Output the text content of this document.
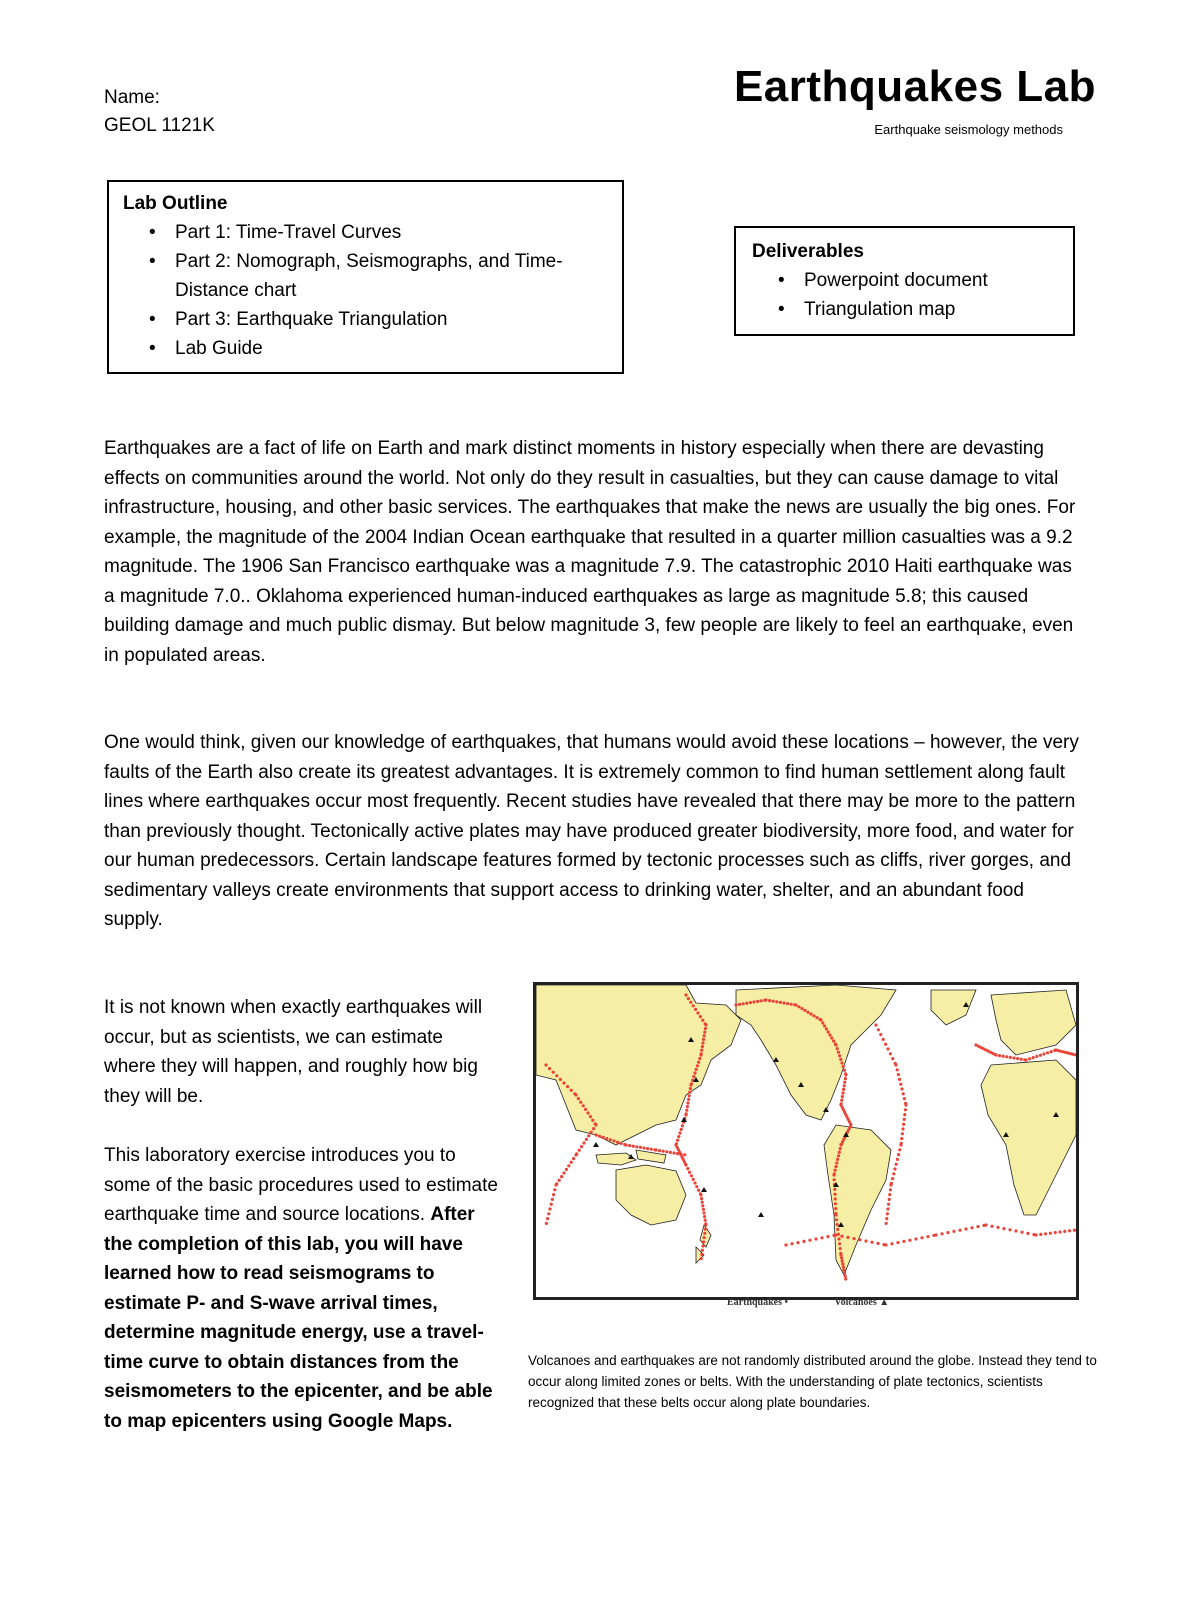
Name:
GEOL 1121K
Earthquakes Lab
Earthquake seismology methods
Lab Outline
• Part 1: Time-Travel Curves
• Part 2: Nomograph, Seismographs, and Time-Distance chart
• Part 3: Earthquake Triangulation
• Lab Guide
Deliverables
• Powerpoint document
• Triangulation map
Earthquakes are a fact of life on Earth and mark distinct moments in history especially when there are devasting effects on communities around the world. Not only do they result in casualties, but they can cause damage to vital infrastructure, housing, and other basic services. The earthquakes that make the news are usually the big ones. For example, the magnitude of the 2004 Indian Ocean earthquake that resulted in a quarter million casualties was a 9.2 magnitude. The 1906 San Francisco earthquake was a magnitude 7.9. The catastrophic 2010 Haiti earthquake was a magnitude 7.0.. Oklahoma experienced human-induced earthquakes as large as magnitude 5.8; this caused building damage and much public dismay. But below magnitude 3, few people are likely to feel an earthquake, even in populated areas.
One would think, given our knowledge of earthquakes, that humans would avoid these locations – however, the very faults of the Earth also create its greatest advantages. It is extremely common to find human settlement along fault lines where earthquakes occur most frequently. Recent studies have revealed that there may be more to the pattern than previously thought. Tectonically active plates may have produced greater biodiversity, more food, and water for our human predecessors. Certain landscape features formed by tectonic processes such as cliffs, river gorges, and sedimentary valleys create environments that support access to drinking water, shelter, and an abundant food supply.

It is not known when exactly earthquakes will occur, but as scientists, we can estimate where they will happen, and roughly how big they will be.

This laboratory exercise introduces you to some of the basic procedures used to estimate earthquake time and source locations. After the completion of this lab, you will have learned how to read seismograms to estimate P- and S-wave arrival times, determine magnitude energy, use a travel-time curve to obtain distances from the seismometers to the epicenter, and be able to map epicenters using Google Maps.

Earthquakes •	Volcanoes ▲
Volcanoes and earthquakes are not randomly distributed around the globe. Instead they tend to occur along limited zones or belts. With the understanding of plate tectonics, scientists recognized that these belts occur along plate boundaries.
